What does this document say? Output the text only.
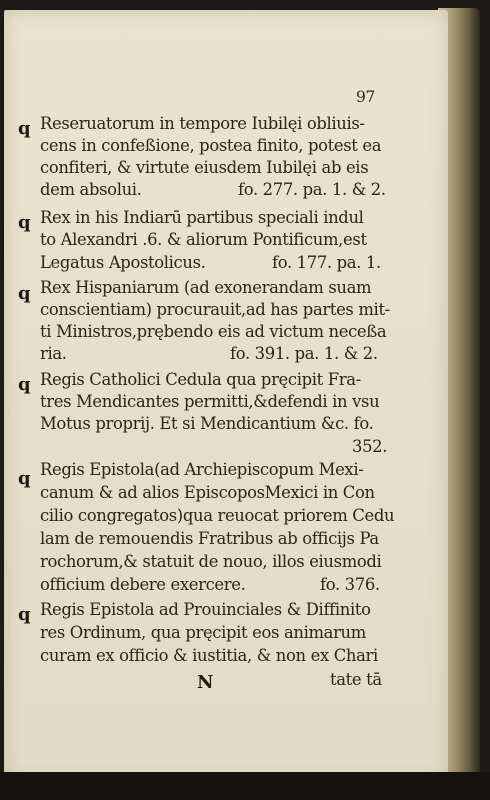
97

q Reseruatorum in tempore Iubilęi obliuis-

cens in confeßione, postea finito, potest ea

confiteri, & virtute eiusdem Iubilęi ab eis

dem absolui.	fo. 277. pa. 1. & 2.
q Rex in his Indiarū partibus speciali indul

to Alexandri .6. & aliorum Pontificum,est

Legatus Apostolicus.	fo. 177. pa. 1.
q Rex Hispaniarum (ad exonerandam suam

conscientiam) procurauit,ad has partes mit-

ti Ministros,prębendo eis ad victum neceßa

ria.	fo. 391. pa. 1. & 2.
q Regis Catholici Cedula qua pręcipit Fra-

tres Mendicantes permitti,&defendi in vsu

Motus proprij. Et si Mendicantium &c. fo.

352.
q Regis Epistola(ad Archiepiscopum Mexi-

canum & ad alios EpiscoposMexici in Con

cilio congregatos)qua reuocat priorem Cedu

lam de remouendis Fratribus ab officijs Pa

rochorum,& statuit de nouo, illos eiusmodi

officium debere exercere.	fo. 376.
q Regis Epistola ad Prouinciales & Diffinito

res Ordinum, qua pręcipit eos animarum

curam ex officio & iustitia, & non ex Chari

N	tate tā
